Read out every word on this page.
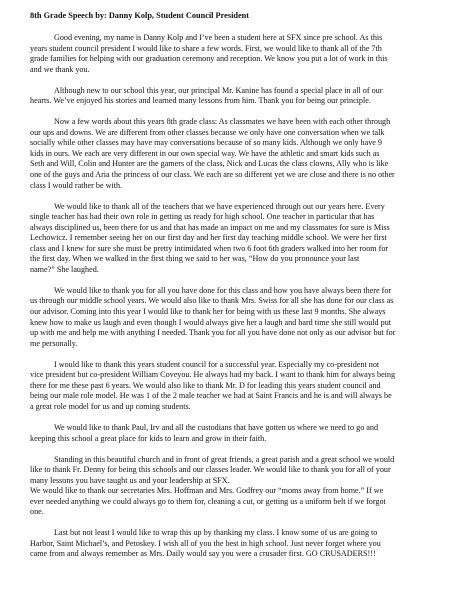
8th Grade Speech by: Danny Kolp, Student Council President
Good evening, my name is Danny Kolp and I’ve been a student here at SFX since pre school. As this
years student council president I would like to share a few words. First, we would like to thank all of the 7th
grade families for helping with our graduation ceremony and reception. We know you put a lot of work in this
and we thank you.
Although new to our school this year, our principal Mr. Kanine has found a special place in all of our
hearts. We’ve enjoyed his stories and learned many lessons from him. Thank you for being our principle.
Now a few words about this years 8th grade class: As classmates we have been with each other through
our ups and downs. We are different from other classes because we only have one conversation when we talk
socially while other classes may have may conversations because of so many kids. Although we only have 9
kids in ours. We each are very different in our own special way. We have the athletic and smart kids such as
Seth and Will, Colin and Hunter are the gamers of the class, Nick and Lucas the class clowns, Ally who is like
one of the guys and Aria the princess of our class. We each are so different yet we are close and there is no other
class I would rather be with.
We would like to thank all of the teachers that we have experienced through out our years here. Every
single teacher has had their own role in getting us ready for high school. One teacher in particular that has
always disciplined us, been there for us and that has made an impact on me and my classmates for sure is Miss
Lechowicz. I remember seeing her on our first day and her first day teaching middle school. We were her first
class and I knew for sure she must be pretty intimidated when two 6 foot 6th graders walked into her room for
the first day. When we walked in the first thing we said to her was, “How do you pronounce your last
name?” She laughed.
We would like to thank you for all you have done for this class and how you have always been there for
us through our middle school years. We would also like to thank Mrs. Swiss for all she has done for our class as
our advisor. Coming into this year I would like to thank her for being with us these last 9 months. She always
knew how to make us laugh and even though I would always give her a laugh and hard time she still would put
up with me and help me with anything I needed. Thank you for all you have done not only as our advisor but for
me personally.
I would like to thank this years student council for a successful year. Especially my co-president not
vice president but co-president William Coveyou. He always had my back. I want to thank him for always being
there for me these past 6 years. We would also like to thank Mr. D for leading this years student council and
being our male role model. He was 1 of the 2 male teacher we had at Saint Francis and he is and will always be
a great role model for us and up coming students.
We would like to thank Paul, Irv and all the custodians that have gotten us where we need to go and
keeping this school a great place for kids to learn and grow in their faith.
Standing in this beautiful church and in front of great friends, a great parish and a great school we would
like to thank Fr. Denny for being this schools and our classes leader. We would like to thank you for all of your
many lessons you have taught us and your leadership at SFX.
We would like to thank our secretaries Mrs. Hoffman and Mrs. Godfrey our “moms away from home.” If we
ever needed anything we could always go to them for, cleaning a cut, or getting us a uniform belt if we forgot
one.
Last but not least I would like to wrap this up by thanking my class. I know some of us are going to
Harbor, Saint Michael’s, and Petoskey. I wish all of you the best in high school. Just never forget where you
came from and always remember as Mrs. Daily would say you were a crusader first. GO CRUSADERS!!!
